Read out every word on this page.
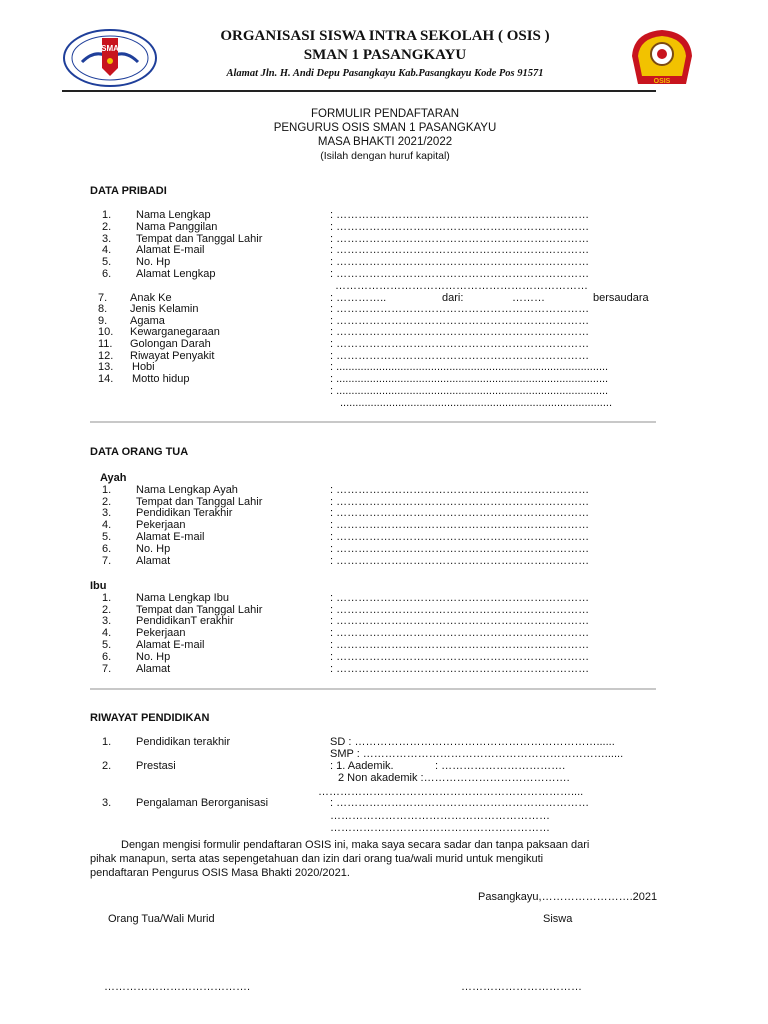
SMA
ORGANISASI SISWA INTRA SEKOLAH ( OSIS )
SMAN 1 PASANGKAYU
Alamat Jln. H. Andi Depu Pasangkayu Kab.Pasangkayu Kode Pos 91571
OSIS
FORMULIR PENDAFTARAN
PENGURUS OSIS SMAN 1 PASANGKAYU
MASA BHAKTI 2021/2022
(Isilah dengan huruf kapital)
DATA PRIBADI
1. Nama Lengkap	: ……………………………………………………………
2. Nama Panggilan	: ……………………………………………………………
3. Tempat dan Tanggal Lahir	: ……………………………………………………………
4. Alamat E-mail	: ……………………………………………………………
5. No. Hp	: ……………………………………………………………
6. Alamat Lengkap	: ……………………………………………………………
……………………………………………………………
7. Anak Ke	: …………..	dari:	………	bersaudara
8. Jenis Kelamin	: ……………………………………………………………
9. Agama	: ……………………………………………………………
10. Kewarganegaraan	: ……………………………………………………………
11. Golongan Darah	: ……………………………………………………………
12. Riwayat Penyakit	: ……………………………………………………………
13. Hobi	: .........................................................................................
14. Motto hidup	: .........................................................................................
: .........................................................................................
.........................................................................................
DATA ORANG TUA
Ayah
1. Nama Lengkap Ayah	: ……………………………………………………………
2. Tempat dan Tanggal Lahir	: ……………………………………………………………
3. Pendidikan Terakhir	: ……………………………………………………………
4. Pekerjaan	: ……………………………………………………………
5. Alamat E-mail	: ……………………………………………………………
6. No. Hp	: ……………………………………………………………
7. Alamat	: ……………………………………………………………
Ibu
1. Nama Lengkap Ibu	: ……………………………………………………………
2. Tempat dan Tanggal Lahir	: ……………………………………………………………
3. PendidikanT erakhir	: ……………………………………………………………
4. Pekerjaan	: ……………………………………………………………
5. Alamat E-mail	: ……………………………………………………………
6. No. Hp	: ……………………………………………………………
7. Alamat	: ……………………………………………………………
RIWAYAT PENDIDIKAN
1. Pendidikan terakhir	SD : …………………………………………………………......
SMP : …………………………………………………………......
2. Prestasi	: 1. Aademik.	: …………………………….
2 Non akademik :………………………………….
……………………………………………………………....
3. Pengalaman Berorganisasi	: ……………………………………………………………
……………………………………………………
……………………………………………………
Dengan mengisi formulir pendaftaran OSIS ini, maka saya secara sadar dan tanpa paksaan dari
pihak manapun, serta atas sepengetahuan dan izin dari orang tua/wali murid untuk mengikuti
pendaftaran Pengurus OSIS Masa Bhakti 2020/2021.
Pasangkayu,…………………….2021
Orang Tua/Wali Murid	Siswa
………………………………….	……………………………
